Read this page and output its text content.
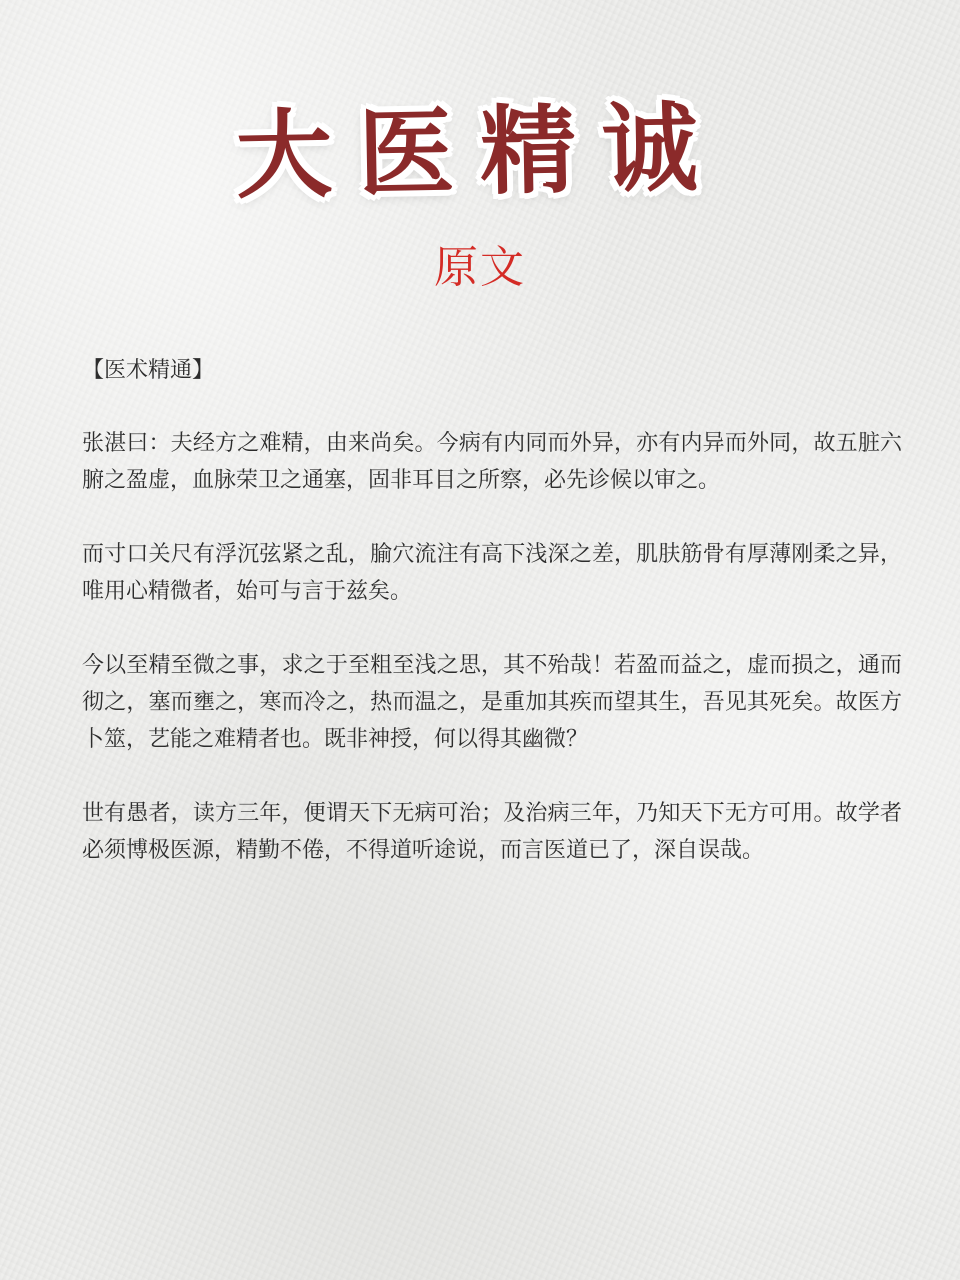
大医精诚
原文
【医术精通】

张湛曰：夫经方之难精，由来尚矣。今病有内同而外异，亦有内异而外同，故五脏六腑之盈虚，血脉荣卫之通塞，固非耳目之所察，必先诊候以审之。

而寸口关尺有浮沉弦紧之乱，腧穴流注有高下浅深之差，肌肤筋骨有厚薄刚柔之异，唯用心精微者，始可与言于兹矣。

今以至精至微之事，求之于至粗至浅之思，其不殆哉！若盈而益之，虚而损之，通而彻之，塞而壅之，寒而冷之，热而温之，是重加其疾而望其生，吾见其死矣。故医方卜筮，艺能之难精者也。既非神授，何以得其幽微？

世有愚者，读方三年，便谓天下无病可治；及治病三年，乃知天下无方可用。故学者必须博极医源，精勤不倦，不得道听途说，而言医道已了，深自误哉。
